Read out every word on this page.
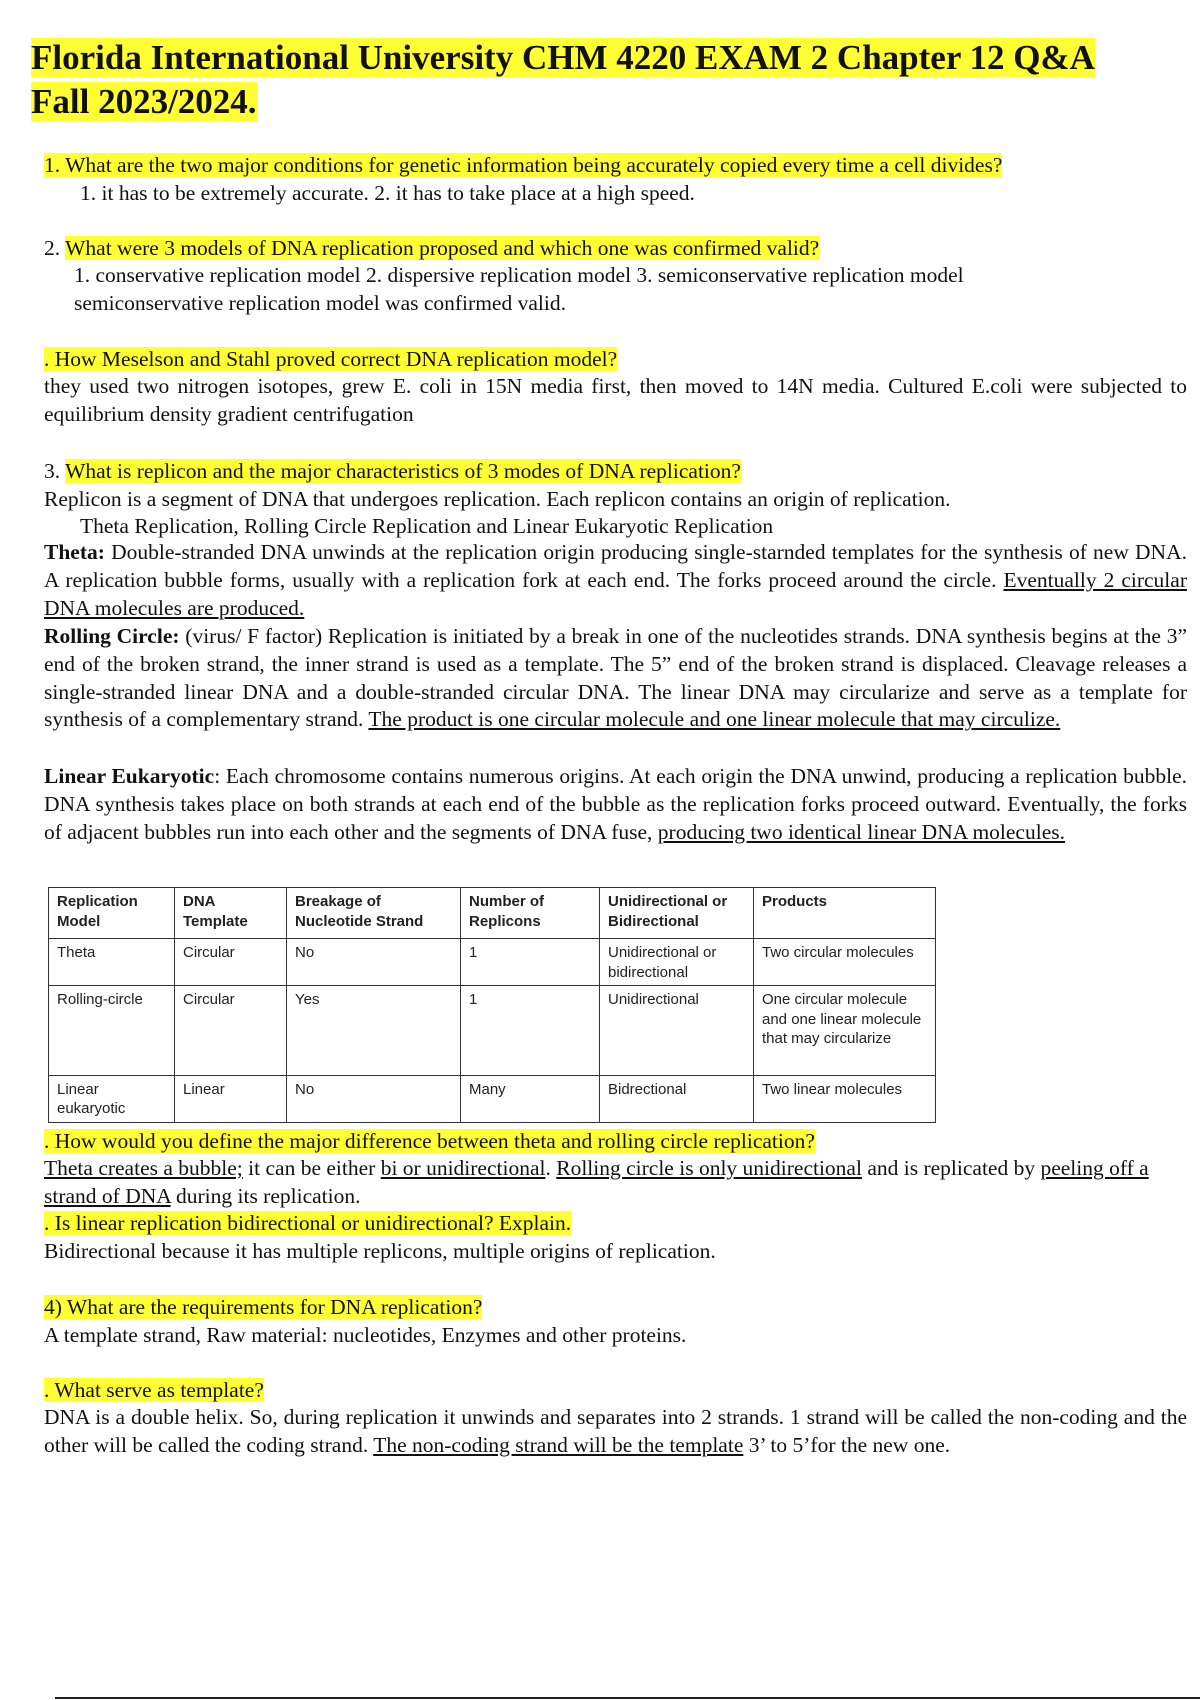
Florida International University CHM 4220 EXAM 2 Chapter 12 Q&A
Fall 2023/2024.
1. What are the two major conditions for genetic information being accurately copied every time a cell divides?
1. it has to be extremely accurate. 2. it has to take place at a high speed.
2. What were 3 models of DNA replication proposed and which one was confirmed valid?
1. conservative replication model 2. dispersive replication model 3. semiconservative replication model
semiconservative replication model was confirmed valid.
. How Meselson and Stahl proved correct DNA replication model?

they used two nitrogen isotopes, grew E. coli in 15N media first, then moved to 14N media. Cultured E.coli were subjected to equilibrium density gradient centrifugation

3. What is replicon and the major characteristics of 3 modes of DNA replication?
Replicon is a segment of DNA that undergoes replication. Each replicon contains an origin of replication.
Theta Replication, Rolling Circle Replication and Linear Eukaryotic Replication

Theta: Double-stranded DNA unwinds at the replication origin producing single-starnded templates for the synthesis of new DNA. A replication bubble forms, usually with a replication fork at each end. The forks proceed around the circle. Eventually 2 circular DNA molecules are produced.

Rolling Circle: (virus/ F factor) Replication is initiated by a break in one of the nucleotides strands. DNA synthesis begins at the 3” end of the broken strand, the inner strand is used as a template. The 5” end of the broken strand is displaced. Cleavage releases a single-stranded linear DNA and a double-stranded circular DNA. The linear DNA may circularize and serve as a template for synthesis of a complementary strand. The product is one circular molecule and one linear molecule that may circulize.

Linear Eukaryotic: Each chromosome contains numerous origins. At each origin the DNA unwind, producing a replication bubble. DNA synthesis takes place on both strands at each end of the bubble as the replication forks proceed outward. Eventually, the forks of adjacent bubbles run into each other and the segments of DNA fuse, producing two identical linear DNA molecules.

Replication Model	DNA Template	Breakage of Nucleotide Strand	Number of Replicons	Unidirectional or Bidirectional	Products
Theta	Circular	No	1	Unidirectional or bidirectional	Two circular molecules
Rolling-circle	Circular	Yes	1	Unidirectional	One circular molecule and one linear molecule that may circularize
Linear eukaryotic	Linear	No	Many	Bidrectional	Two linear molecules
. How would you define the major difference between theta and rolling circle replication?

Theta creates a bubble; it can be either bi or unidirectional. Rolling circle is only unidirectional and is replicated by peeling off a strand of DNA during its replication.

. Is linear replication bidirectional or unidirectional? Explain.
Bidirectional because it has multiple replicons, multiple origins of replication.
4) What are the requirements for DNA replication?
A template strand, Raw material: nucleotides, Enzymes and other proteins.
. What serve as template?

DNA is a double helix. So, during replication it unwinds and separates into 2 strands. 1 strand will be called the non-coding and the other will be called the coding strand. The non-coding strand will be the template 3’ to 5’for the new one.
